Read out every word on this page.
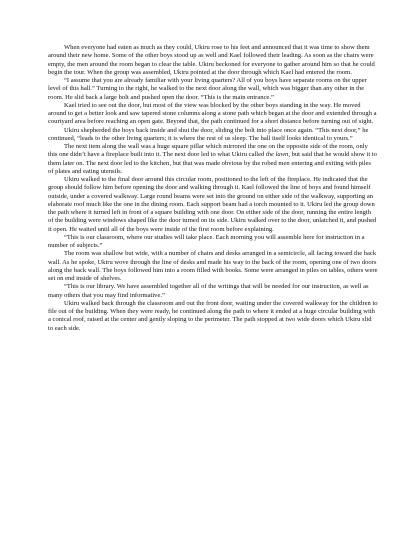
When everyone had eaten as much as they could, Ukiru rose to his feet and announced that it was time to show them around their new home. Some of the other boys stood up as well and Kael followed their leading. As soon as the chairs were empty, the men around the room began to clear the table. Ukiru beckoned for everyone to gather around him so that he could begin the tour. When the group was assembled, Ukiru pointed at the door through which Kael had entered the room.

“I assume that you are already familiar with your living quarters? All of you boys have separate rooms on the upper level of this hall.” Turning to the right, he walked to the next door along the wall, which was bigger than any other in the room. He slid back a large bolt and pushed open the door. “This is the main entrance.”

Kael tried to see out the door, but most of the view was blocked by the other boys standing in the way. He moved around to get a better look and saw tapered stone columns along a stone path which began at the door and extended through a courtyard area before reaching an open gate. Beyond that, the path continued for a short distance before turning out of sight.

Ukiru shepherded the boys back inside and shut the door, sliding the bolt into place once again. “This next door,” he continued, “leads to the other living quarters; it is where the rest of us sleep. The hall itself looks identical to yours.”

The next item along the wall was a huge square pillar which mirrored the one on the opposite side of the room, only this one didn’t have a fireplace built into it. The next door led to what Ukiru called the lawn, but said that he would show it to them later on. The next door led to the kitchen, but that was made obvious by the robed men entering and exiting with piles of plates and eating utensils.

Ukiru walked to the final door around this circular room, positioned to the left of the fireplace. He indicated that the group should follow him before opening the door and walking through it. Kael followed the line of boys and found himself outside, under a covered walkway. Large round beams were set into the ground on either side of the walkway, supporting an elaborate roof much like the one in the dining room. Each support beam had a torch mounted to it. Ukiru led the group down the path where it turned left in front of a square building with one door. On either side of the door, running the entire length of the building were windows shaped like the door turned on its side. Ukiru walked over to the door, unlatched it, and pushed it open. He waited until all of the boys were inside of the first room before explaining.

“This is our classroom, where our studies will take place. Each morning you will assemble here for instruction in a number of subjects.”

The room was shallow but wide, with a number of chairs and desks arranged in a semicircle, all facing toward the back wall. As he spoke, Ukiru wove through the line of desks and made his way to the back of the room, opening one of two doors along the back wall. The boys followed him into a room filled with books. Some were arranged in piles on tables, others were set on end inside of shelves.

“This is our library. We have assembled together all of the writings that will be needed for our instruction, as well as many others that you may find informative.”

Ukiru walked back through the classroom and out the front door, waiting under the covered walkway for the children to file out of the building. When they were ready, he continued along the path to where it ended at a huge circular building with a conical roof, raised at the center and gently sloping to the perimeter. The path stopped at two wide doors which Ukiru slid to each side.
